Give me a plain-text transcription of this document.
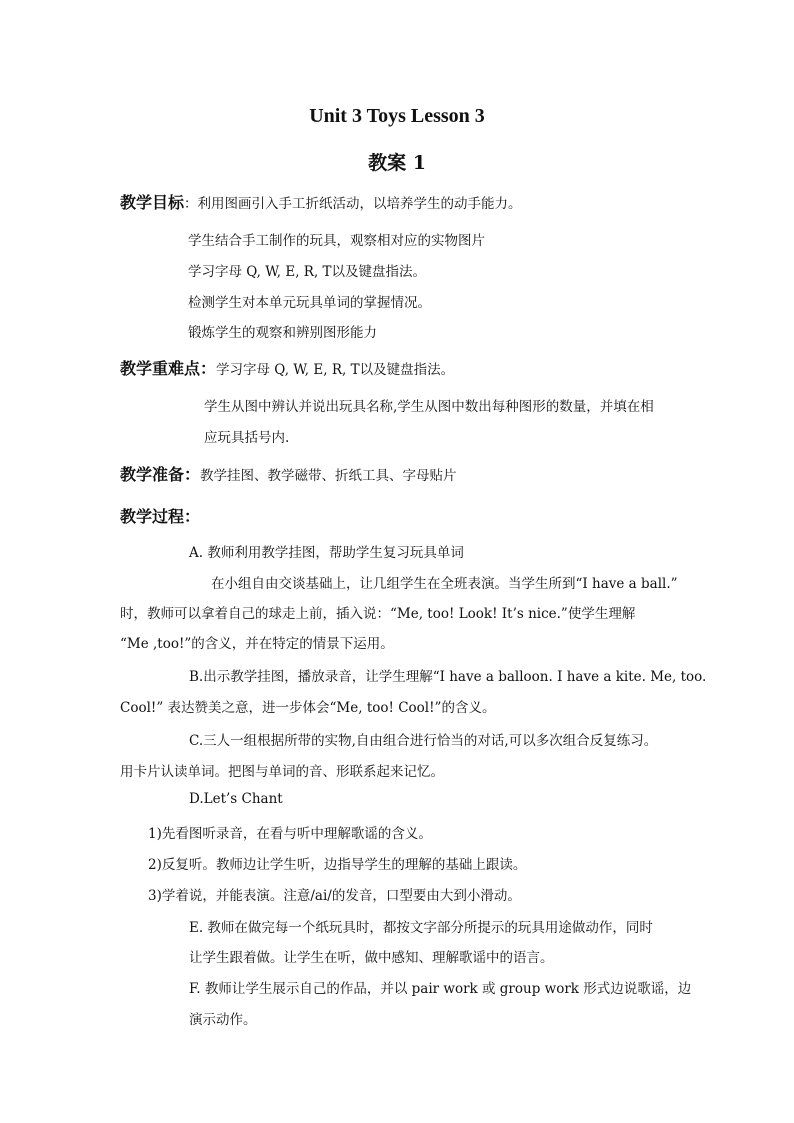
Unit 3 Toys Lesson 3
教案 1
教学目标：利用图画引入手工折纸活动，以培养学生的动手能力。
学生结合手工制作的玩具，观察相对应的实物图片
学习字母 Q, W, E, R, T以及键盘指法。
检测学生对本单元玩具单词的掌握情况。
锻炼学生的观察和辨别图形能力
教学重难点：学习字母 Q, W, E, R, T以及键盘指法。
学生从图中辨认并说出玩具名称,学生从图中数出每种图形的数量，并填在相
应玩具括号内.
教学准备：教学挂图、教学磁带、折纸工具、字母贴片
教学过程：
A. 教师利用教学挂图，帮助学生复习玩具单词
在小组自由交谈基础上，让几组学生在全班表演。当学生所到“I have a ball.”
时，教师可以拿着自己的球走上前，插入说：“Me, too! Look! It’s nice.”使学生理解
“Me ,too!”的含义，并在特定的情景下运用。
B.出示教学挂图，播放录音，让学生理解“I have a balloon. I have a kite. Me, too.
Cool!” 表达赞美之意，进一步体会“Me, too! Cool!”的含义。
C.三人一组根据所带的实物,自由组合进行恰当的对话,可以多次组合反复练习。
用卡片认读单词。把图与单词的音、形联系起来记忆。
D.Let’s Chant
1)先看图听录音，在看与听中理解歌谣的含义。
2)反复听。教师边让学生听，边指导学生的理解的基础上跟读。
3)学着说，并能表演。注意/ai/的发音，口型要由大到小滑动。
E. 教师在做完每一个纸玩具时，都按文字部分所提示的玩具用途做动作，同时
让学生跟着做。让学生在听，做中感知、理解歌谣中的语言。
F. 教师让学生展示自己的作品，并以 pair work 或 group work 形式边说歌谣，边
演示动作。
